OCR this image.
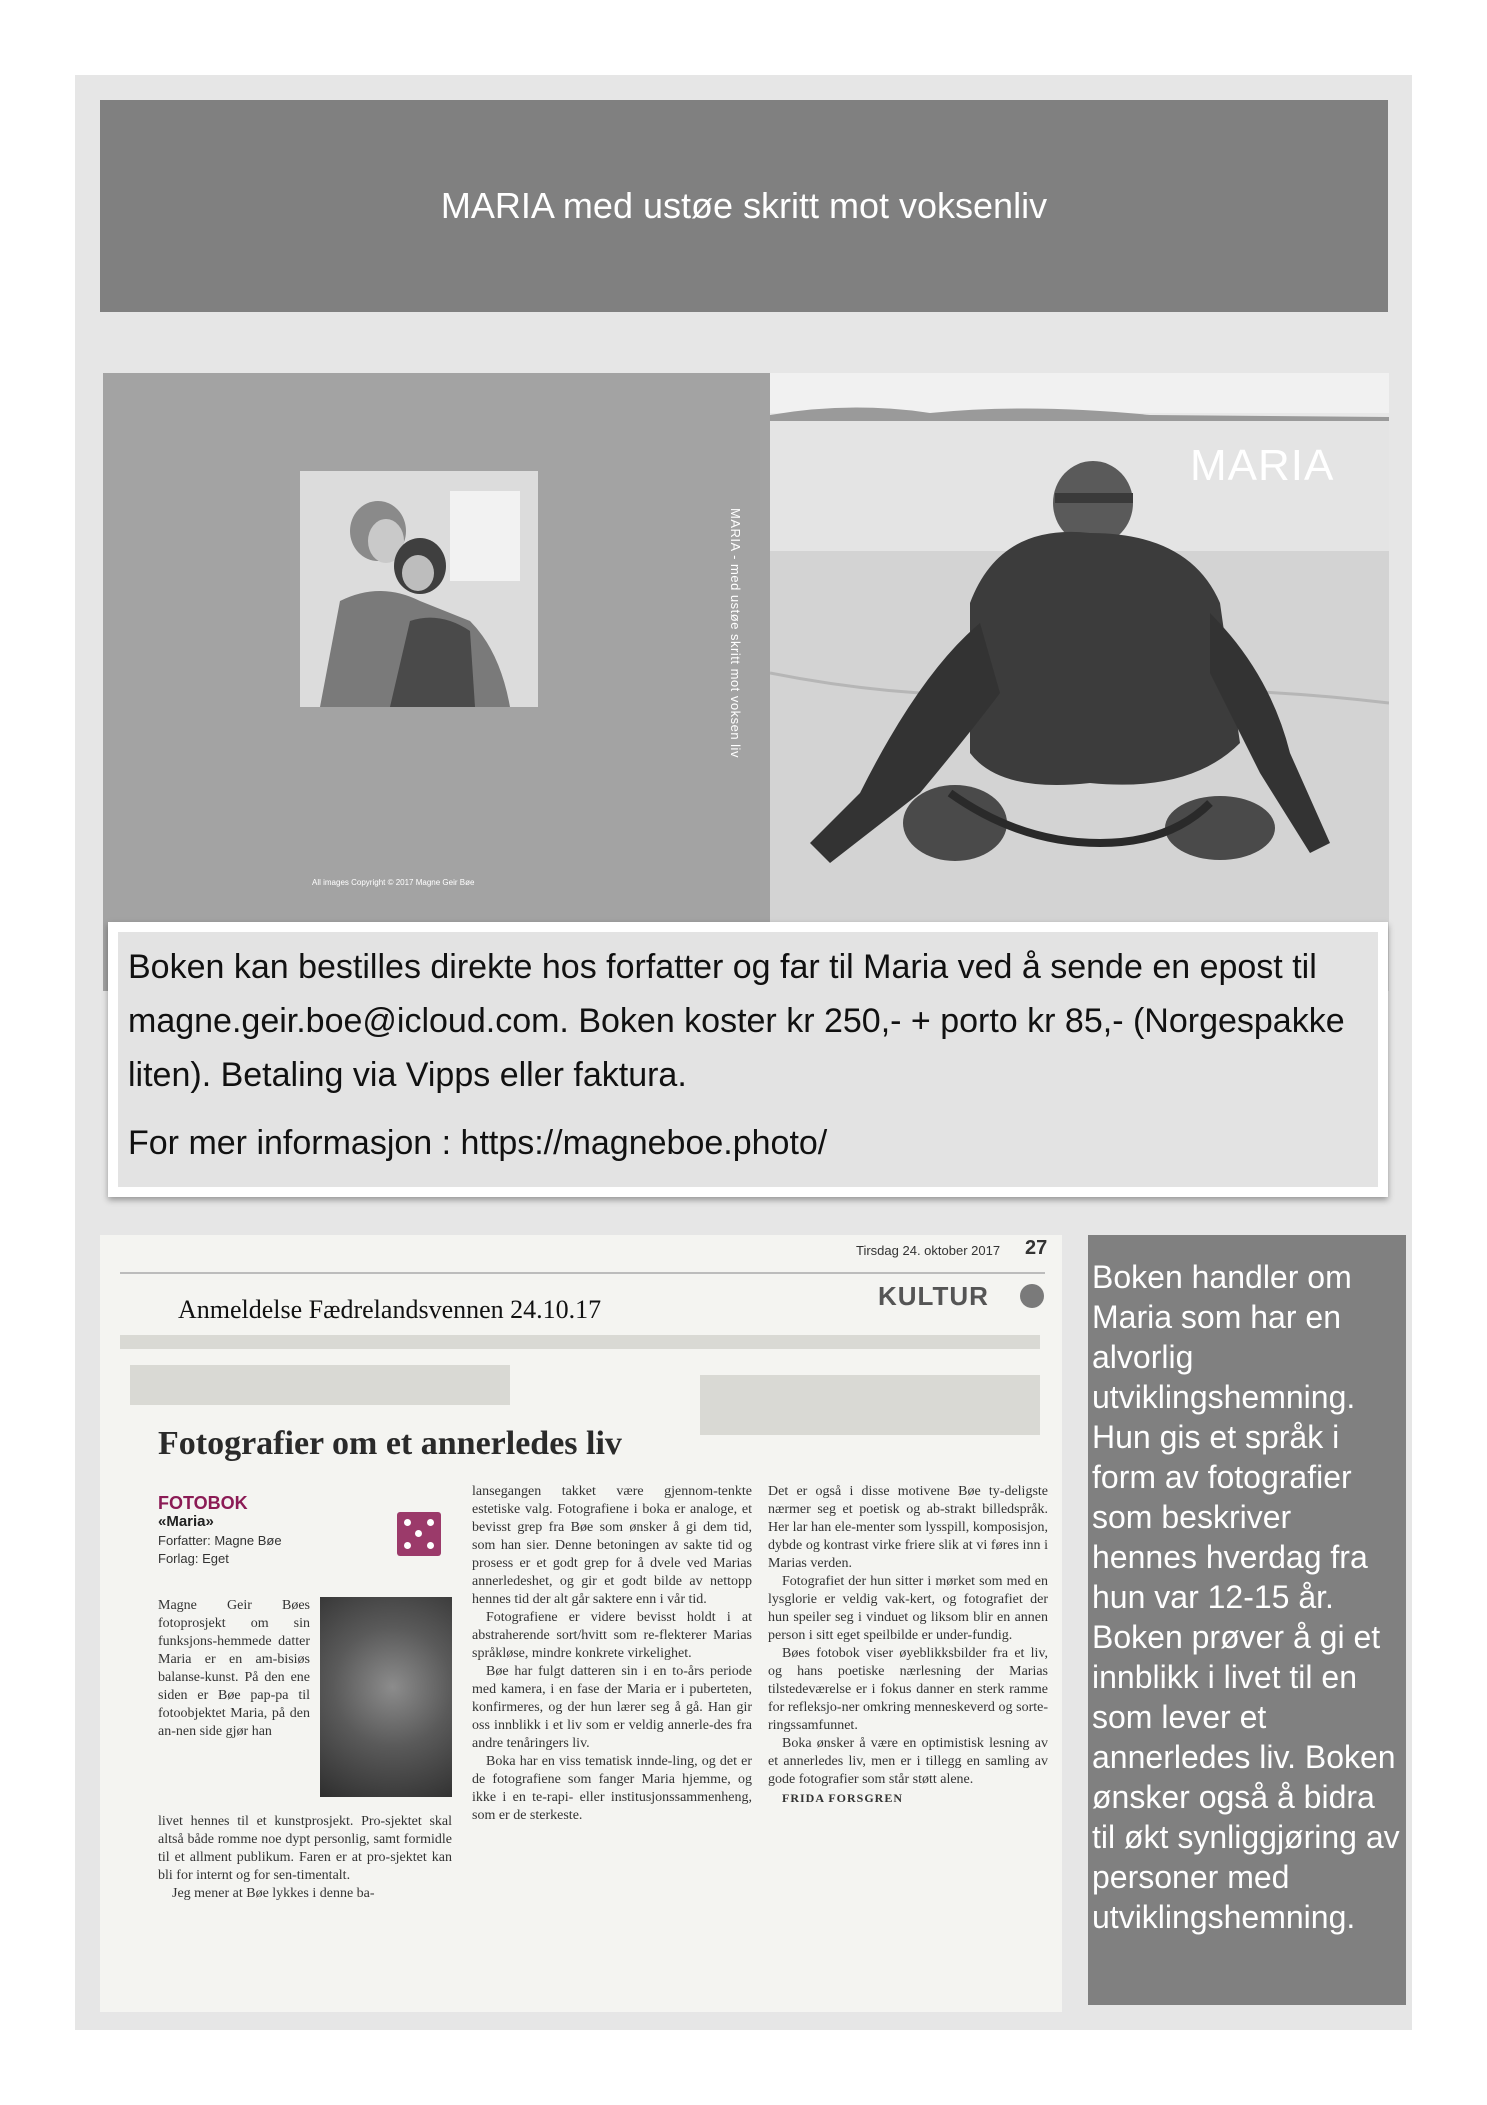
MARIA med ustøe skritt mot voksenliv
MARIA - med ustøe skritt mot voksen liv
All images Copyright © 2017 Magne Geir Bøe
MARIA

Boken kan bestilles direkte hos forfatter og far til Maria ved å sende en epost til magne.geir.boe@icloud.com. Boken koster kr 250,- + porto kr 85,- (Norgespakke liten). Betaling via Vipps eller faktura.

For mer informasjon : https://magneboe.photo/

Tirsdag 24. oktober 2017 27
Anmeldelse Fædrelandsvennen 24.10.17	KULTUR
Fotografier om et annerledes liv
FOTOBOK
«Maria»
Forfatter: Magne Bøe
Forlag: Eget

Magne Geir Bøes fotoprosjekt om sin funksjons-hemmede datter Maria er en am-bisiøs balanse-kunst. På den ene siden er Bøe pap-pa til fotoobjektet Maria, på den an-nen side gjør han

livet hennes til et kunstprosjekt. Pro-sjektet skal altså både romme noe dypt personlig, samt formidle til et allment publikum. Faren er at pro-sjektet kan bli for internt og for sen-timentalt.

Jeg mener at Bøe lykkes i denne ba-

lansegangen takket være gjennom-tenkte estetiske valg. Fotografiene i boka er analoge, et bevisst grep fra Bøe som ønsker å gi dem tid, som han sier. Denne betoningen av sakte tid og prosess er et godt grep for å dvele ved Marias annerledeshet, og gir et godt bilde av nettopp hennes tid der alt går saktere enn i vår tid.

Fotografiene er videre bevisst holdt i at abstraherende sort/hvitt som re-flekterer Marias språkløse, mindre konkrete virkelighet.

Bøe har fulgt datteren sin i en to-års periode med kamera, i en fase der Maria er i puberteten, konfirmeres, og der hun lærer seg å gå. Han gir oss innblikk i et liv som er veldig annerle-des fra andre tenåringers liv.

Boka har en viss tematisk innde-ling, og det er de fotografiene som fanger Maria hjemme, og ikke i en te-rapi- eller institusjonssammenheng, som er de sterkeste.

Det er også i disse motivene Bøe ty-deligste nærmer seg et poetisk og ab-strakt billedspråk. Her lar han ele-menter som lysspill, komposisjon, dybde og kontrast virke friere slik at vi føres inn i Marias verden.

Fotografiet der hun sitter i mørket som med en lysglorie er veldig vak-kert, og fotografiet der hun speiler seg i vinduet og liksom blir en annen person i sitt eget speilbilde er under-fundig.

Bøes fotobok viser øyeblikksbilder fra et liv, og hans poetiske nærlesning der Marias tilstedeværelse er i fokus danner en sterk ramme for refleksjo-ner omkring menneskeverd og sorte-ringssamfunnet.

Boka ønsker å være en optimistisk lesning av et annerledes liv, men er i tillegg en samling av gode fotografier som står støtt alene.

FRIDA FORSGREN

Boken handler om Maria som har en alvorlig utviklingshemning. Hun gis et språk i form av fotografier som beskriver hennes hverdag fra hun var 12-15 år. Boken prøver å gi et innblikk i livet til en som lever et annerledes liv. Boken ønsker også å bidra til økt synliggjøring av personer med utviklingshemning.
